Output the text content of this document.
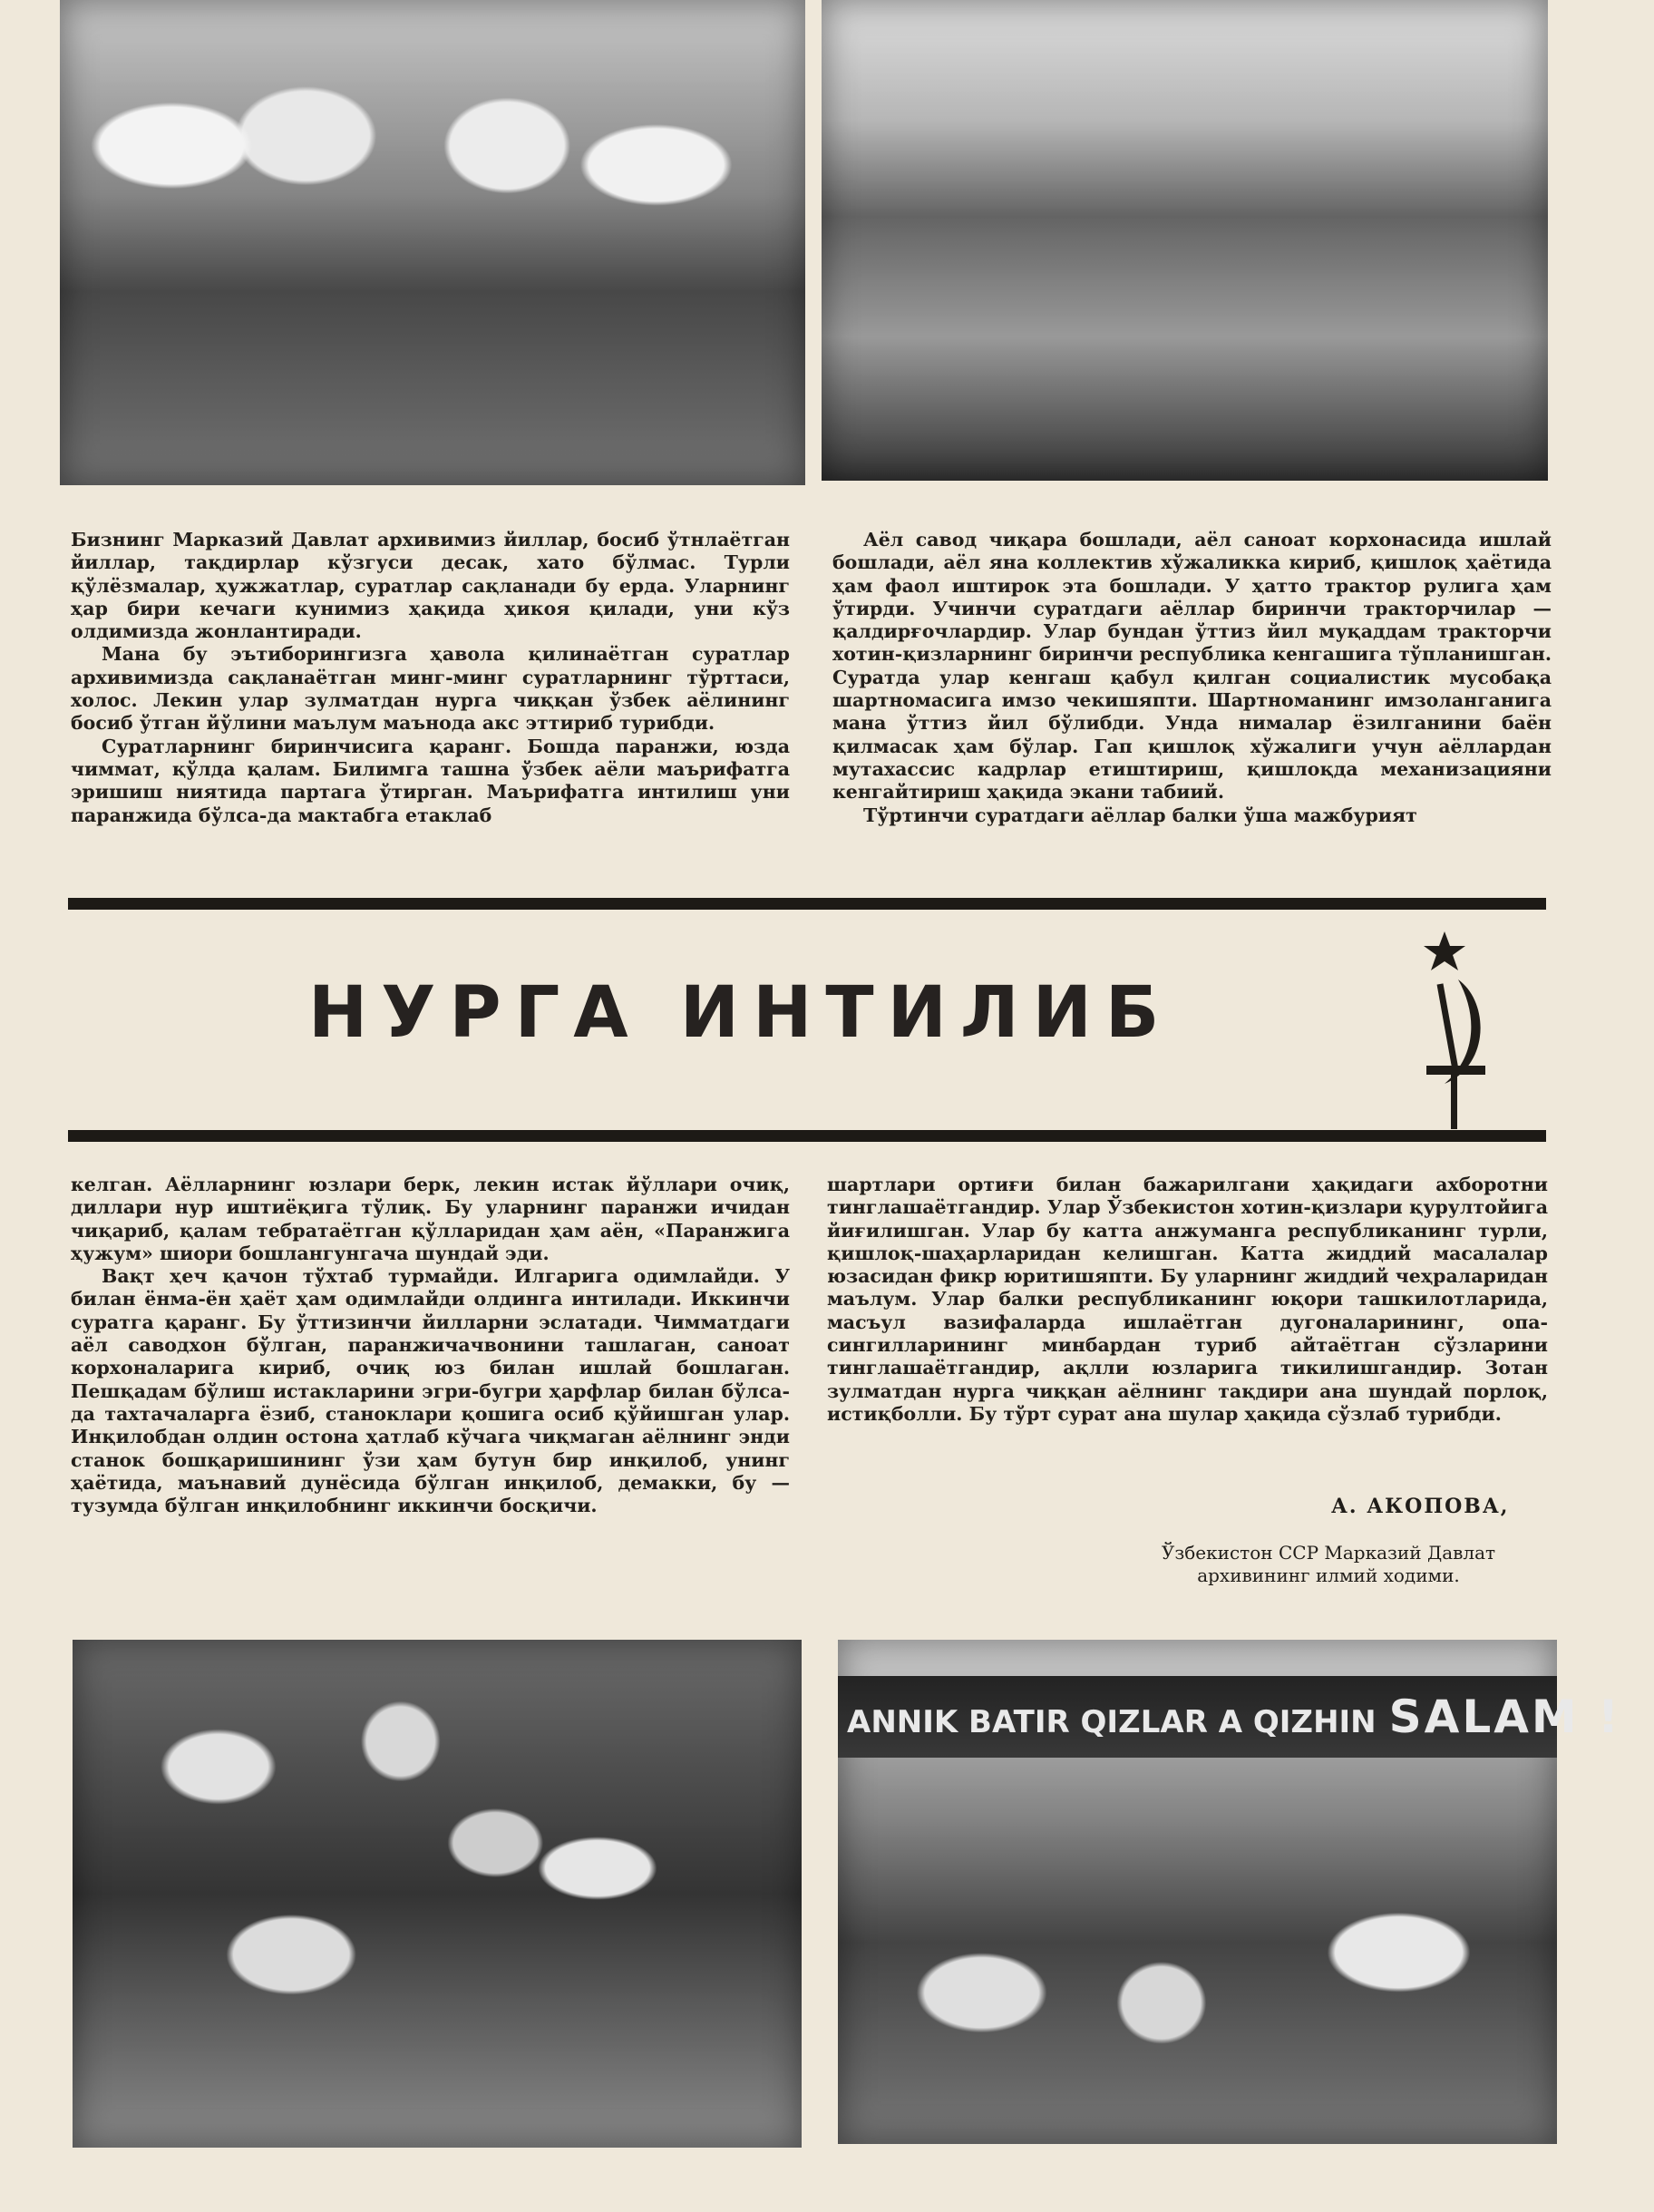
Бизнинг Марказий Давлат архивимиз йиллар, босиб ўтнлаётган йиллар, тақдирлар кўзгуси десак, хато бўлмас. Турли қўлёзмалар, ҳужжатлар, суратлар сақланади бу ерда. Уларнинг ҳар бири кечаги кунимиз ҳақида ҳикоя қилади, уни кўз олдимизда жонлантиради.

Мана бу эътиборингизга ҳавола қилинаётган суратлар архивимизда сақланаётган минг-минг суратларнинг тўрттаси, холос. Лекин улар зулматдан нурга чиққан ўзбек аёлининг босиб ўтган йўлини маълум маънода акс эттириб турибди.

Суратларнинг биринчисига қаранг. Бошда паранжи, юзда чиммат, қўлда қалам. Билимга ташна ўзбек аёли маърифатга эришиш ниятида партага ўтирган. Маърифатга интилиш уни паранжида бўлса-да мактабга етаклаб

Аёл савод чиқара бошлади, аёл саноат корхонасида ишлай бошлади, аёл яна коллектив хўжаликка кириб, қишлоқ ҳаётида ҳам фаол иштирок эта бошлади. У ҳатто трактор рулига ҳам ўтирди. Учинчи суратдаги аёллар биринчи тракторчилар — қалдирғочлардир. Улар бундан ўттиз йил муқаддам тракторчи хотин-қизларнинг биринчи республика кенгашига тўпланишган. Суратда улар кенгаш қабул қилган социалистик мусобақа шартномасига имзо чекишяпти. Шартноманинг имзоланганига мана ўттиз йил бўлибди. Унда нималар ёзилганини баён қилмасак ҳам бўлар. Гап қишлоқ хўжалиги учун аёллардан мутахассис кадрлар етиштириш, қишлоқда механизацияни кенгайтириш ҳақида экани табиий.

Тўртинчи суратдаги аёллар балки ўша мажбурият

НУРГА ИНТИЛИБ

келган. Аёлларнинг юзлари берк, лекин истак йўллари очиқ, диллари нур иштиёқига тўлиқ. Бу уларнинг паранжи ичидан чиқариб, қалам тебратаётган қўлларидан ҳам аён, «Паранжига ҳужум» шиори бошлангунгача шундай эди.

Вақт ҳеч қачон тўхтаб турмайди. Илгарига одимлайди. У билан ёнма-ён ҳаёт ҳам одимлайди олдинга интилади. Иккинчи суратга қаранг. Бу ўттизинчи йилларни эслатади. Чимматдаги аёл саводхон бўлган, паранжичачвонини ташлаган, саноат корхоналарига кириб, очиқ юз билан ишлай бошлаган. Пешқадам бўлиш истакларини эгри-бугри ҳарфлар билан бўлса-да тахтачаларга ёзиб, станоклари қошига осиб қўйишган улар. Инқилобдан олдин остона ҳатлаб кўчага чиқмаган аёлнинг энди станок бошқаришининг ўзи ҳам бутун бир инқилоб, унинг ҳаётида, маънавий дунёсида бўлган инқилоб, демакки, бу — тузумда бўлган инқилобнинг иккинчи босқичи.

шартлари ортиғи билан бажарилгани ҳақидаги ахборотни тинглашаётгандир. Улар Ўзбекистон хотин-қизлари қурултойига йиғилишган. Улар бу катта анжуманга республиканинг турли, қишлоқ-шаҳарларидан келишган. Катта жиддий масалалар юзасидан фикр юритишяпти. Бу уларнинг жиддий чеҳраларидан маълум. Улар балки республиканинг юқори ташкилотларида, масъул вазифаларда ишлаётган дугоналарининг, опа-сингилларининг минбардан туриб айтаётган сўзларини тинглашаётгандир, ақлли юзларига тикилишгандир. Зотан зулматдан нурга чиққан аёлнинг тақдири ана шундай порлоқ, истиқболли. Бу тўрт сурат ана шулар ҳақида сўзлаб турибди.

А. АКОПОВА,
Ўзбекистон ССР Марказий Давлат
архивининг илмий ходими.
ANNIK BATIR QIZLAR A QIZHIN SALAM !
